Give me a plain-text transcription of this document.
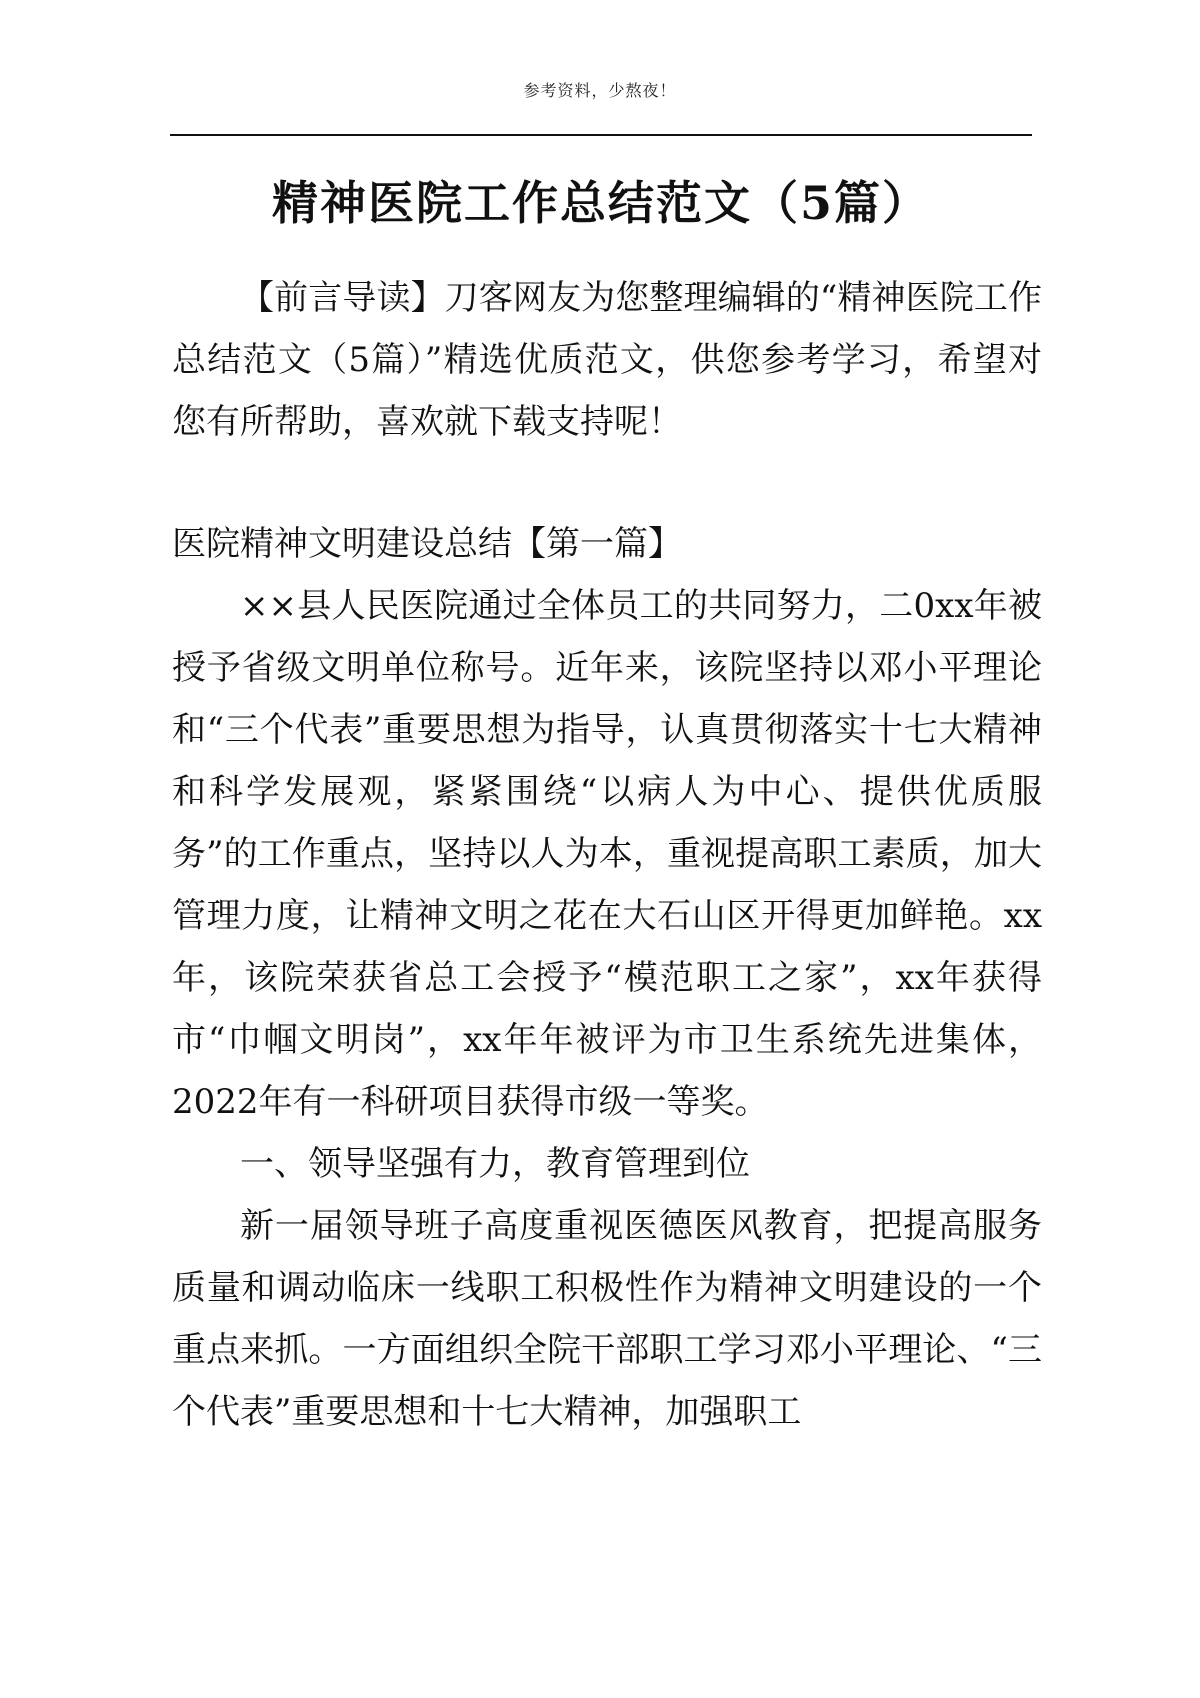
参考资料，少熬夜！
精神医院工作总结范文（5篇）

【前言导读】刀客网友为您整理编辑的“精神医院工作总结范文（5篇）”精选优质范文，供您参考学习，希望对您有所帮助，喜欢就下载支持呢！

医院精神文明建设总结【第一篇】

××县人民医院通过全体员工的共同努力，二0xx年被授予省级文明单位称号。近年来，该院坚持以邓小平理论和“三个代表”重要思想为指导，认真贯彻落实十七大精神和科学发展观，紧紧围绕“以病人为中心、提供优质服务”的工作重点，坚持以人为本，重视提高职工素质，加大管理力度，让精神文明之花在大石山区开得更加鲜艳。xx年，该院荣获省总工会授予“模范职工之家”，xx年获得市“巾帼文明岗”，xx年年被评为市卫生系统先进集体，2022年有一科研项目获得市级一等奖。

一、领导坚强有力，教育管理到位

新一届领导班子高度重视医德医风教育，把提高服务质量和调动临床一线职工积极性作为精神文明建设的一个重点来抓。一方面组织全院干部职工学习邓小平理论、“三个代表”重要思想和十七大精神，加强职工
